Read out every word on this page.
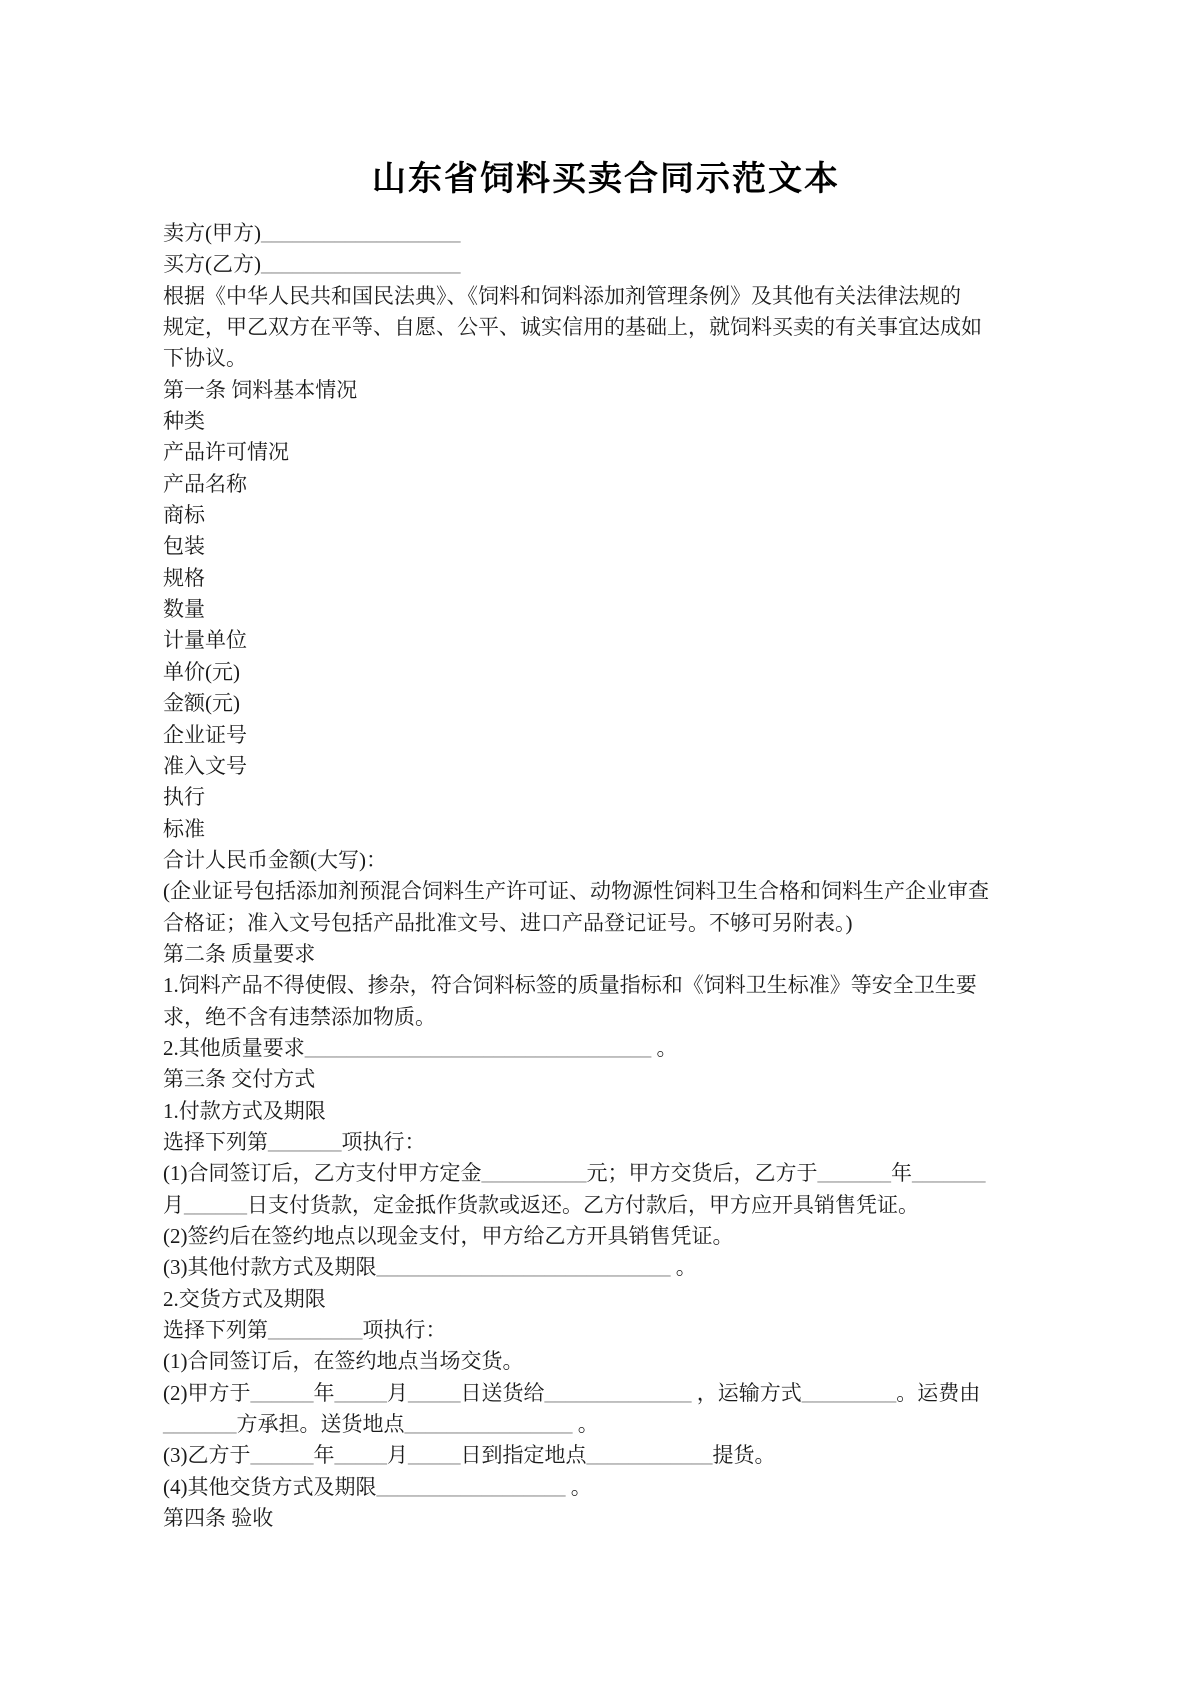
山东省饲料买卖合同示范文本
卖方(甲方)___________________
买方(乙方)___________________
根据《中华人民共和国民法典》、《饲料和饲料添加剂管理条例》及其他有关法律法规的
规定，甲乙双方在平等、自愿、公平、诚实信用的基础上，就饲料买卖的有关事宜达成如
下协议。
第一条 饲料基本情况
种类
产品许可情况
产品名称
商标
包装
规格
数量
计量单位
单价(元)
金额(元)
企业证号
准入文号
执行
标准
合计人民币金额(大写)：
(企业证号包括添加剂预混合饲料生产许可证、动物源性饲料卫生合格和饲料生产企业审查
合格证；准入文号包括产品批准文号、进口产品登记证号。不够可另附表。)
第二条 质量要求
1.饲料产品不得使假、掺杂，符合饲料标签的质量指标和《饲料卫生标准》等安全卫生要
求，绝不含有违禁添加物质。
2.其他质量要求_________________________________ 。
第三条 交付方式
1.付款方式及期限
选择下列第_______项执行：
(1)合同签订后，乙方支付甲方定金__________元；甲方交货后，乙方于_______年_______
月______日支付货款，定金抵作货款或返还。乙方付款后，甲方应开具销售凭证。
(2)签约后在签约地点以现金支付，甲方给乙方开具销售凭证。
(3)其他付款方式及期限____________________________ 。
2.交货方式及期限
选择下列第_________项执行：
(1)合同签订后，在签约地点当场交货。
(2)甲方于______年_____月_____日送货给______________ ，运输方式_________。运费由
_______方承担。送货地点________________ 。
(3)乙方于______年_____月_____日到指定地点____________提货。
(4)其他交货方式及期限__________________ 。
第四条 验收
